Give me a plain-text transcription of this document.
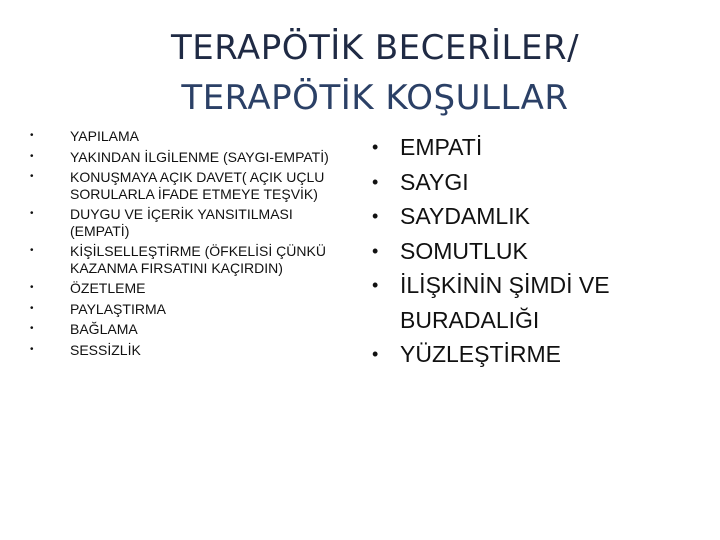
TERAPÖTİK BECERİLER/
TERAPÖTİK KOŞULLAR
•	YAPILAMA
•	YAKINDAN İLGİLENME (SAYGI-EMPATİ)
•	KONUŞMAYA AÇIK DAVET( AÇIK UÇLU SORULARLA İFADE ETMEYE TEŞVİK)
•	DUYGU VE İÇERİK YANSITILMASI (EMPATİ)
•	KİŞİLSELLEŞTİRME (ÖFKELİSİ ÇÜNKÜ KAZANMA FIRSATINI KAÇIRDIN)
•	ÖZETLEME
•	PAYLAŞTIRMA
•	BAĞLAMA
•	SESSİZLİK
• EMPATİ
• SAYGI
• SAYDAMLIK
• SOMUTLUK
• İLİŞKİNİN ŞİMDİ VE BURADALIĞI
• YÜZLEŞTİRME
